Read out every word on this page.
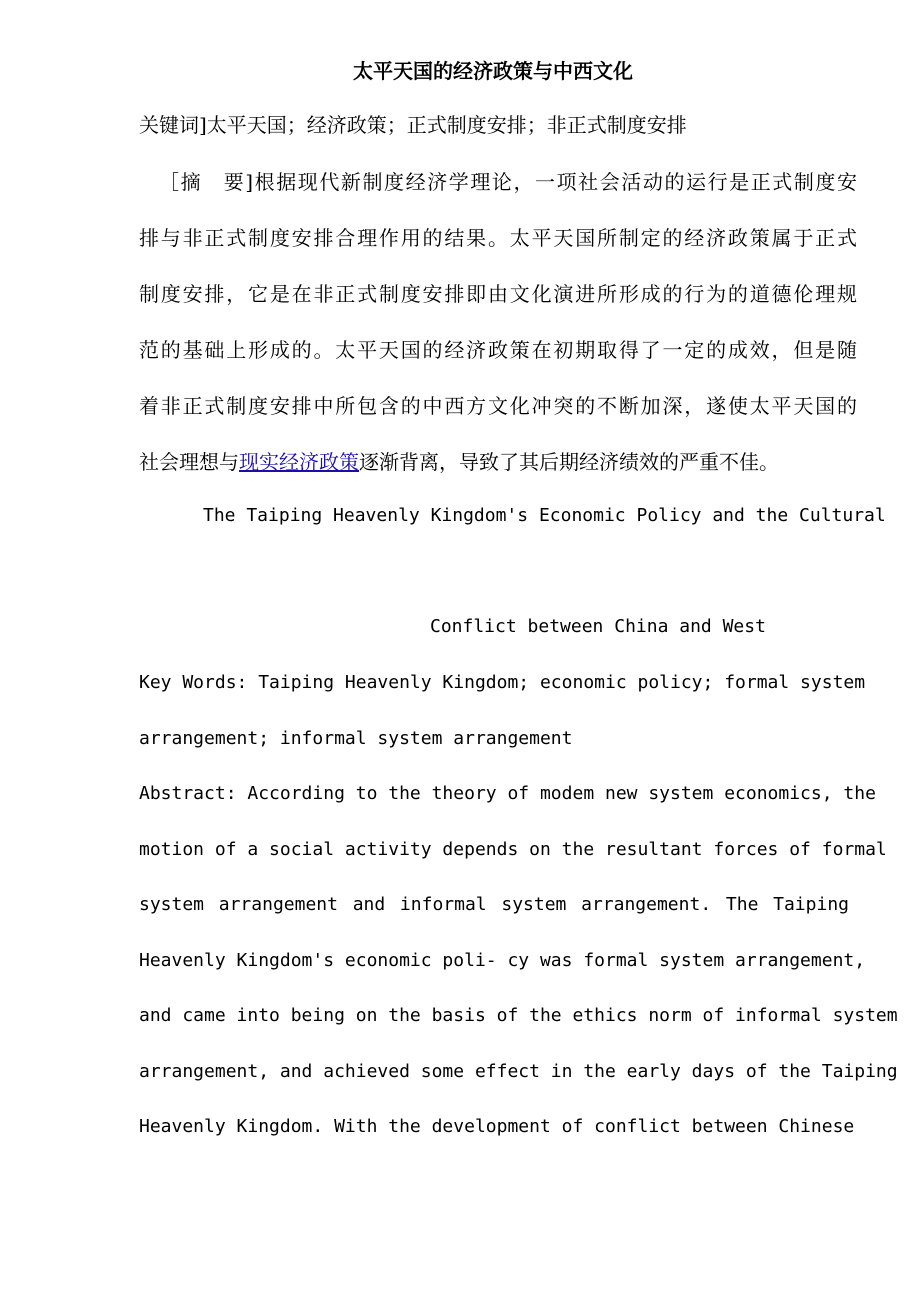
太平天国的经济政策与中西文化
关键词]太平天国；经济政策；正式制度安排；非正式制度安排
［摘　要]根据现代新制度经济学理论，一项社会活动的运行是正式制度安
排与非正式制度安排合理作用的结果。太平天国所制定的经济政策属于正式
制度安排，它是在非正式制度安排即由文化演进所形成的行为的道德伦理规
范的基础上形成的。太平天国的经济政策在初期取得了一定的成效，但是随
着非正式制度安排中所包含的中西方文化冲突的不断加深，遂使太平天国的
社会理想与现实经济政策逐渐背离，导致了其后期经济绩效的严重不佳。
The Taiping Heavenly Kingdom's Economic Policy and the Cultural
Conflict between China and West
Key Words: Taiping Heavenly Kingdom; economic policy; formal system
arrangement; informal system arrangement
Abstract: According to the theory of modem new system economics, the
motion of a social activity depends on the resultant forces of formal
system arrangement and informal system arrangement. The Taiping
Heavenly Kingdom's economic poli- cy was formal system arrangement,
and came into being on the basis of the ethics norm of informal system
arrangement, and achieved some effect in the early days of the Taiping
Heavenly Kingdom. With the development of conflict between Chinese
